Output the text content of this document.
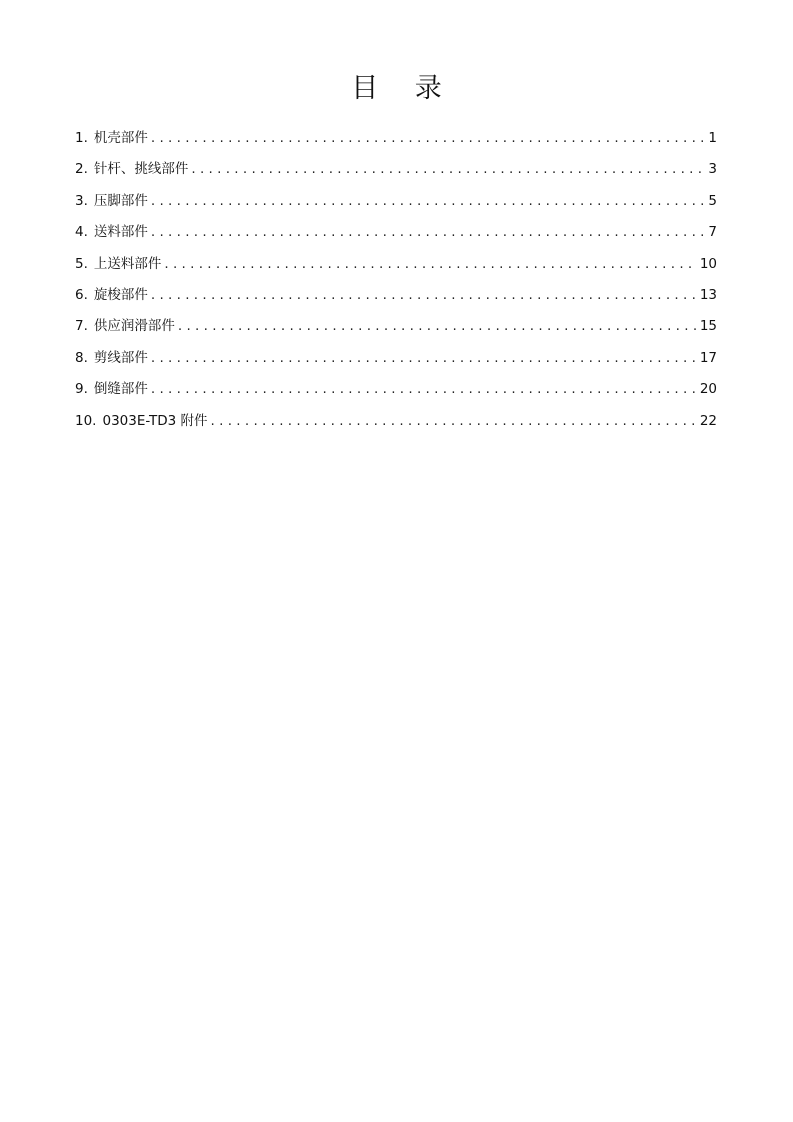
目 录
1. 机壳部件 . . .	1
2. 针杆、挑线部件 . . .	3
3. 压脚部件 . . .	5
4. 送料部件 . . .	7
5. 上送料部件 . . .	10
6. 旋梭部件 . . .	13
7. 供应润滑部件 . . .	15
8. 剪线部件 . . .	17
9. 倒缝部件 . . .	20
10. 0303E-TD3 附件 . . .	22
